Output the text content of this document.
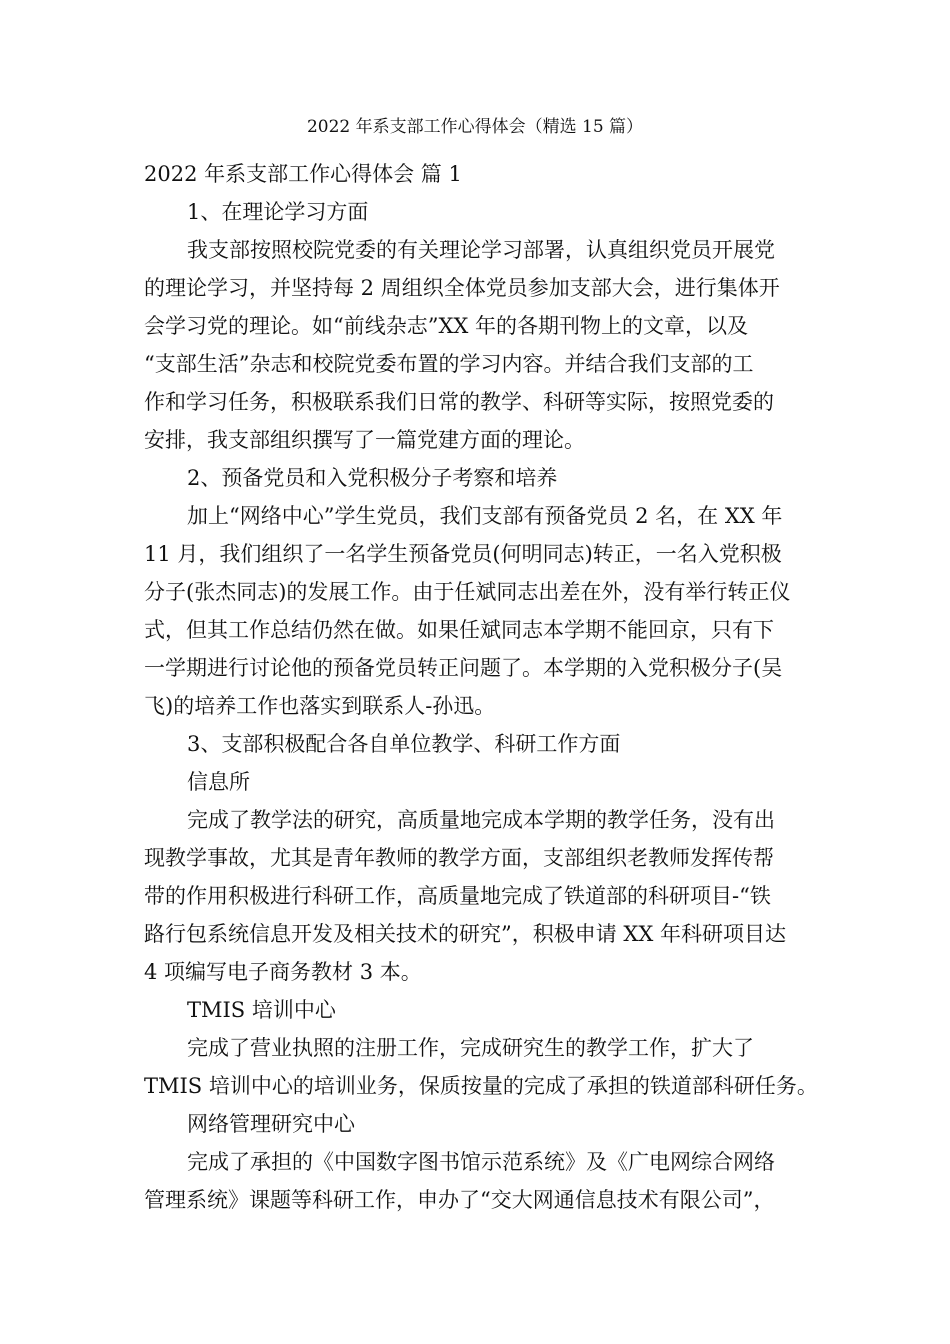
2022 年系支部工作心得体会（精选 15 篇）
2022 年系支部工作心得体会 篇 1
1、在理论学习方面
我支部按照校院党委的有关理论学习部署，认真组织党员开展党
的理论学习，并坚持每 2 周组织全体党员参加支部大会，进行集体开
会学习党的理论。如“前线杂志”XX 年的各期刊物上的文章，以及
“支部生活”杂志和校院党委布置的学习内容。并结合我们支部的工
作和学习任务，积极联系我们日常的教学、科研等实际，按照党委的
安排，我支部组织撰写了一篇党建方面的理论。
2、预备党员和入党积极分子考察和培养
加上“网络中心”学生党员，我们支部有预备党员 2 名，在 XX 年
11 月，我们组织了一名学生预备党员(何明同志)转正，一名入党积极
分子(张杰同志)的发展工作。由于任斌同志出差在外，没有举行转正仪
式，但其工作总结仍然在做。如果任斌同志本学期不能回京，只有下
一学期进行讨论他的预备党员转正问题了。本学期的入党积极分子(吴
飞)的培养工作也落实到联系人-孙迅。
3、支部积极配合各自单位教学、科研工作方面
信息所
完成了教学法的研究，高质量地完成本学期的教学任务，没有出
现教学事故，尤其是青年教师的教学方面，支部组织老教师发挥传帮
带的作用积极进行科研工作，高质量地完成了铁道部的科研项目-“铁
路行包系统信息开发及相关技术的研究”，积极申请 XX 年科研项目达
4 项编写电子商务教材 3 本。
TMIS 培训中心
完成了营业执照的注册工作，完成研究生的教学工作，扩大了
TMIS 培训中心的培训业务，保质按量的完成了承担的铁道部科研任务。
网络管理研究中心
完成了承担的《中国数字图书馆示范系统》及《广电网综合网络
管理系统》课题等科研工作，申办了“交大网通信息技术有限公司”，
